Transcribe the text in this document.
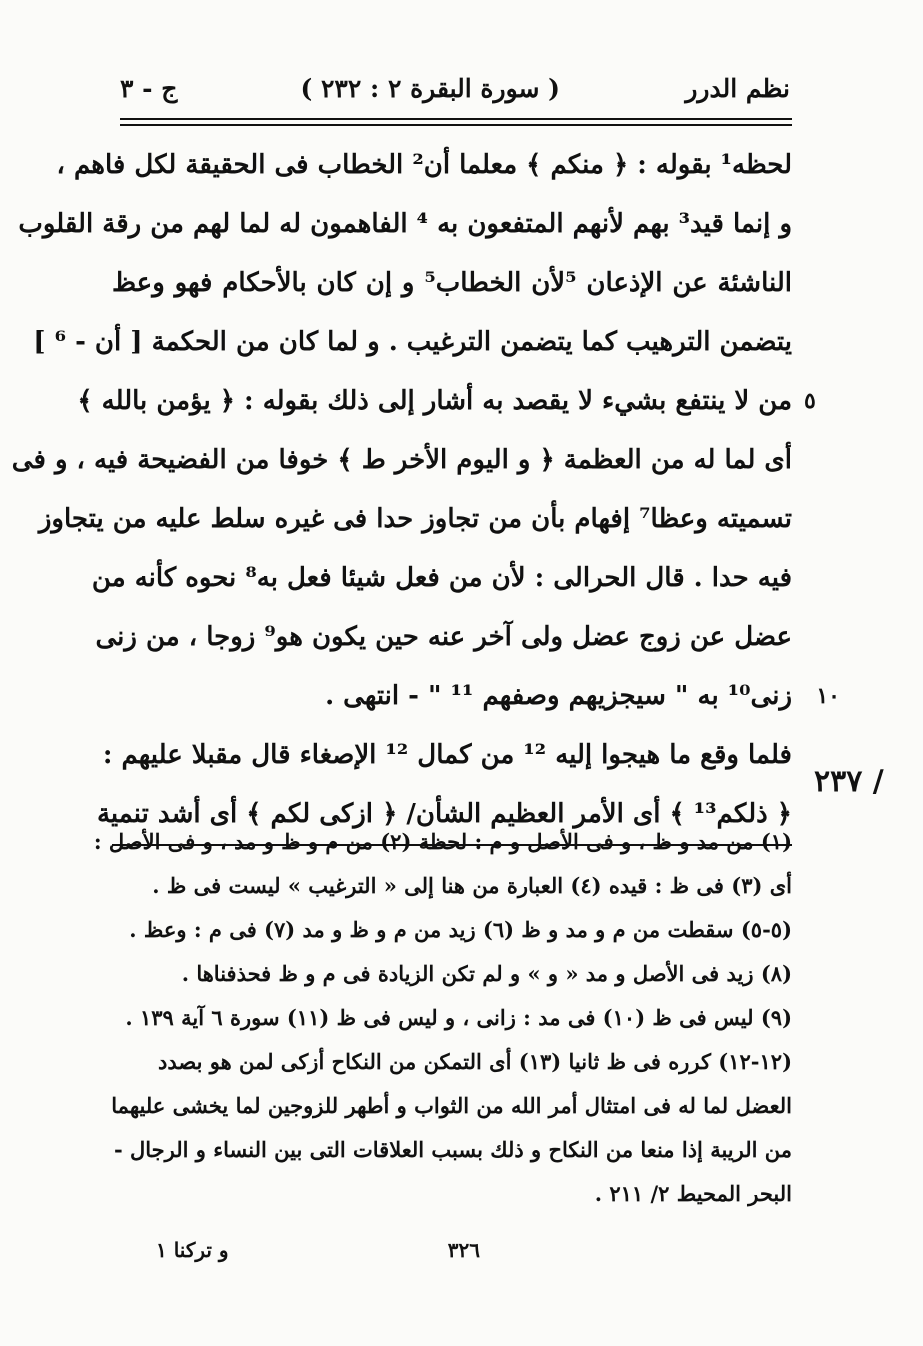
نظم الدرر
( سورة البقرة ٢ : ٢٣٢ )
ج - ٣
لحظه¹ بقوله : ﴿ منكم ﴾ معلما أن² الخطاب فى الحقيقة لكل فاهم ،
و إنما قيد³ بهم لأنهم المتفعون به ⁴ الفاهمون له لما لهم من رقة القلوب
الناشئة عن الإذعان ⁵لأن الخطاب⁵ و إن كان بالأحكام فهو وعظ
يتضمن الترهيب كما يتضمن الترغيب . و لما كان من الحكمة [ أن - ⁶ ]
٥
من لا ينتفع بشيء لا يقصد به أشار إلى ذلك بقوله : ﴿ يؤمن بالله ﴾
أى لما له من العظمة ﴿ و اليوم الأخر ط ﴾ خوفا من الفضيحة فيه ، و فى
تسميته وعظا⁷ إفهام بأن من تجاوز حدا فى غيره سلط عليه من يتجاوز
فيه حدا . قال الحرالى : لأن من فعل شيئا فعل به⁸ نحوه كأنه من
عضل عن زوج عضل ولى آخر عنه حين يكون هو⁹ زوجا ، من زنى
١٠
زنى¹⁰ به " سيجزيهم وصفهم ¹¹ " - انتهى .
فلما وقع ما هيجوا إليه ¹² من كمال ¹² الإصغاء قال مقبلا عليهم :
﴿ ذلكم¹³ ﴾ أى الأمر العظيم الشأن/ ﴿ ازكى لكم ﴾ أى أشد تنمية
/ ٢٣٧
(١) من مد و ظ ، و فى الأصل و م : لحظة (٢) من م و ظ و مد ، و فى الأصل :
أى (٣) فى ظ : قيده (٤) العبارة من هنا إلى « الترغيب » ليست فى ظ .
(٥-٥) سقطت من م و مد و ظ (٦) زيد من م و ظ و مد (٧) فى م : وعظ .
(٨) زيد فى الأصل و مد « و » و لم تكن الزيادة فى م و ظ فحذفناها .
(٩) ليس فى ظ (١٠) فى مد : زانى ، و ليس فى ظ (١١) سورة ٦ آية ١٣٩ .
(١٢-١٢) كرره فى ظ ثانيا (١٣) أى التمكن من النكاح أزكى لمن هو بصدد
العضل لما له فى امتثال أمر الله من الثواب و أطهر للزوجين لما يخشى عليهما
من الريبة إذا منعا من النكاح و ذلك بسبب العلاقات التى بين النساء و الرجال -
البحر المحيط ٢/ ٢١١ .
٣٢٦
و تركنا ١
